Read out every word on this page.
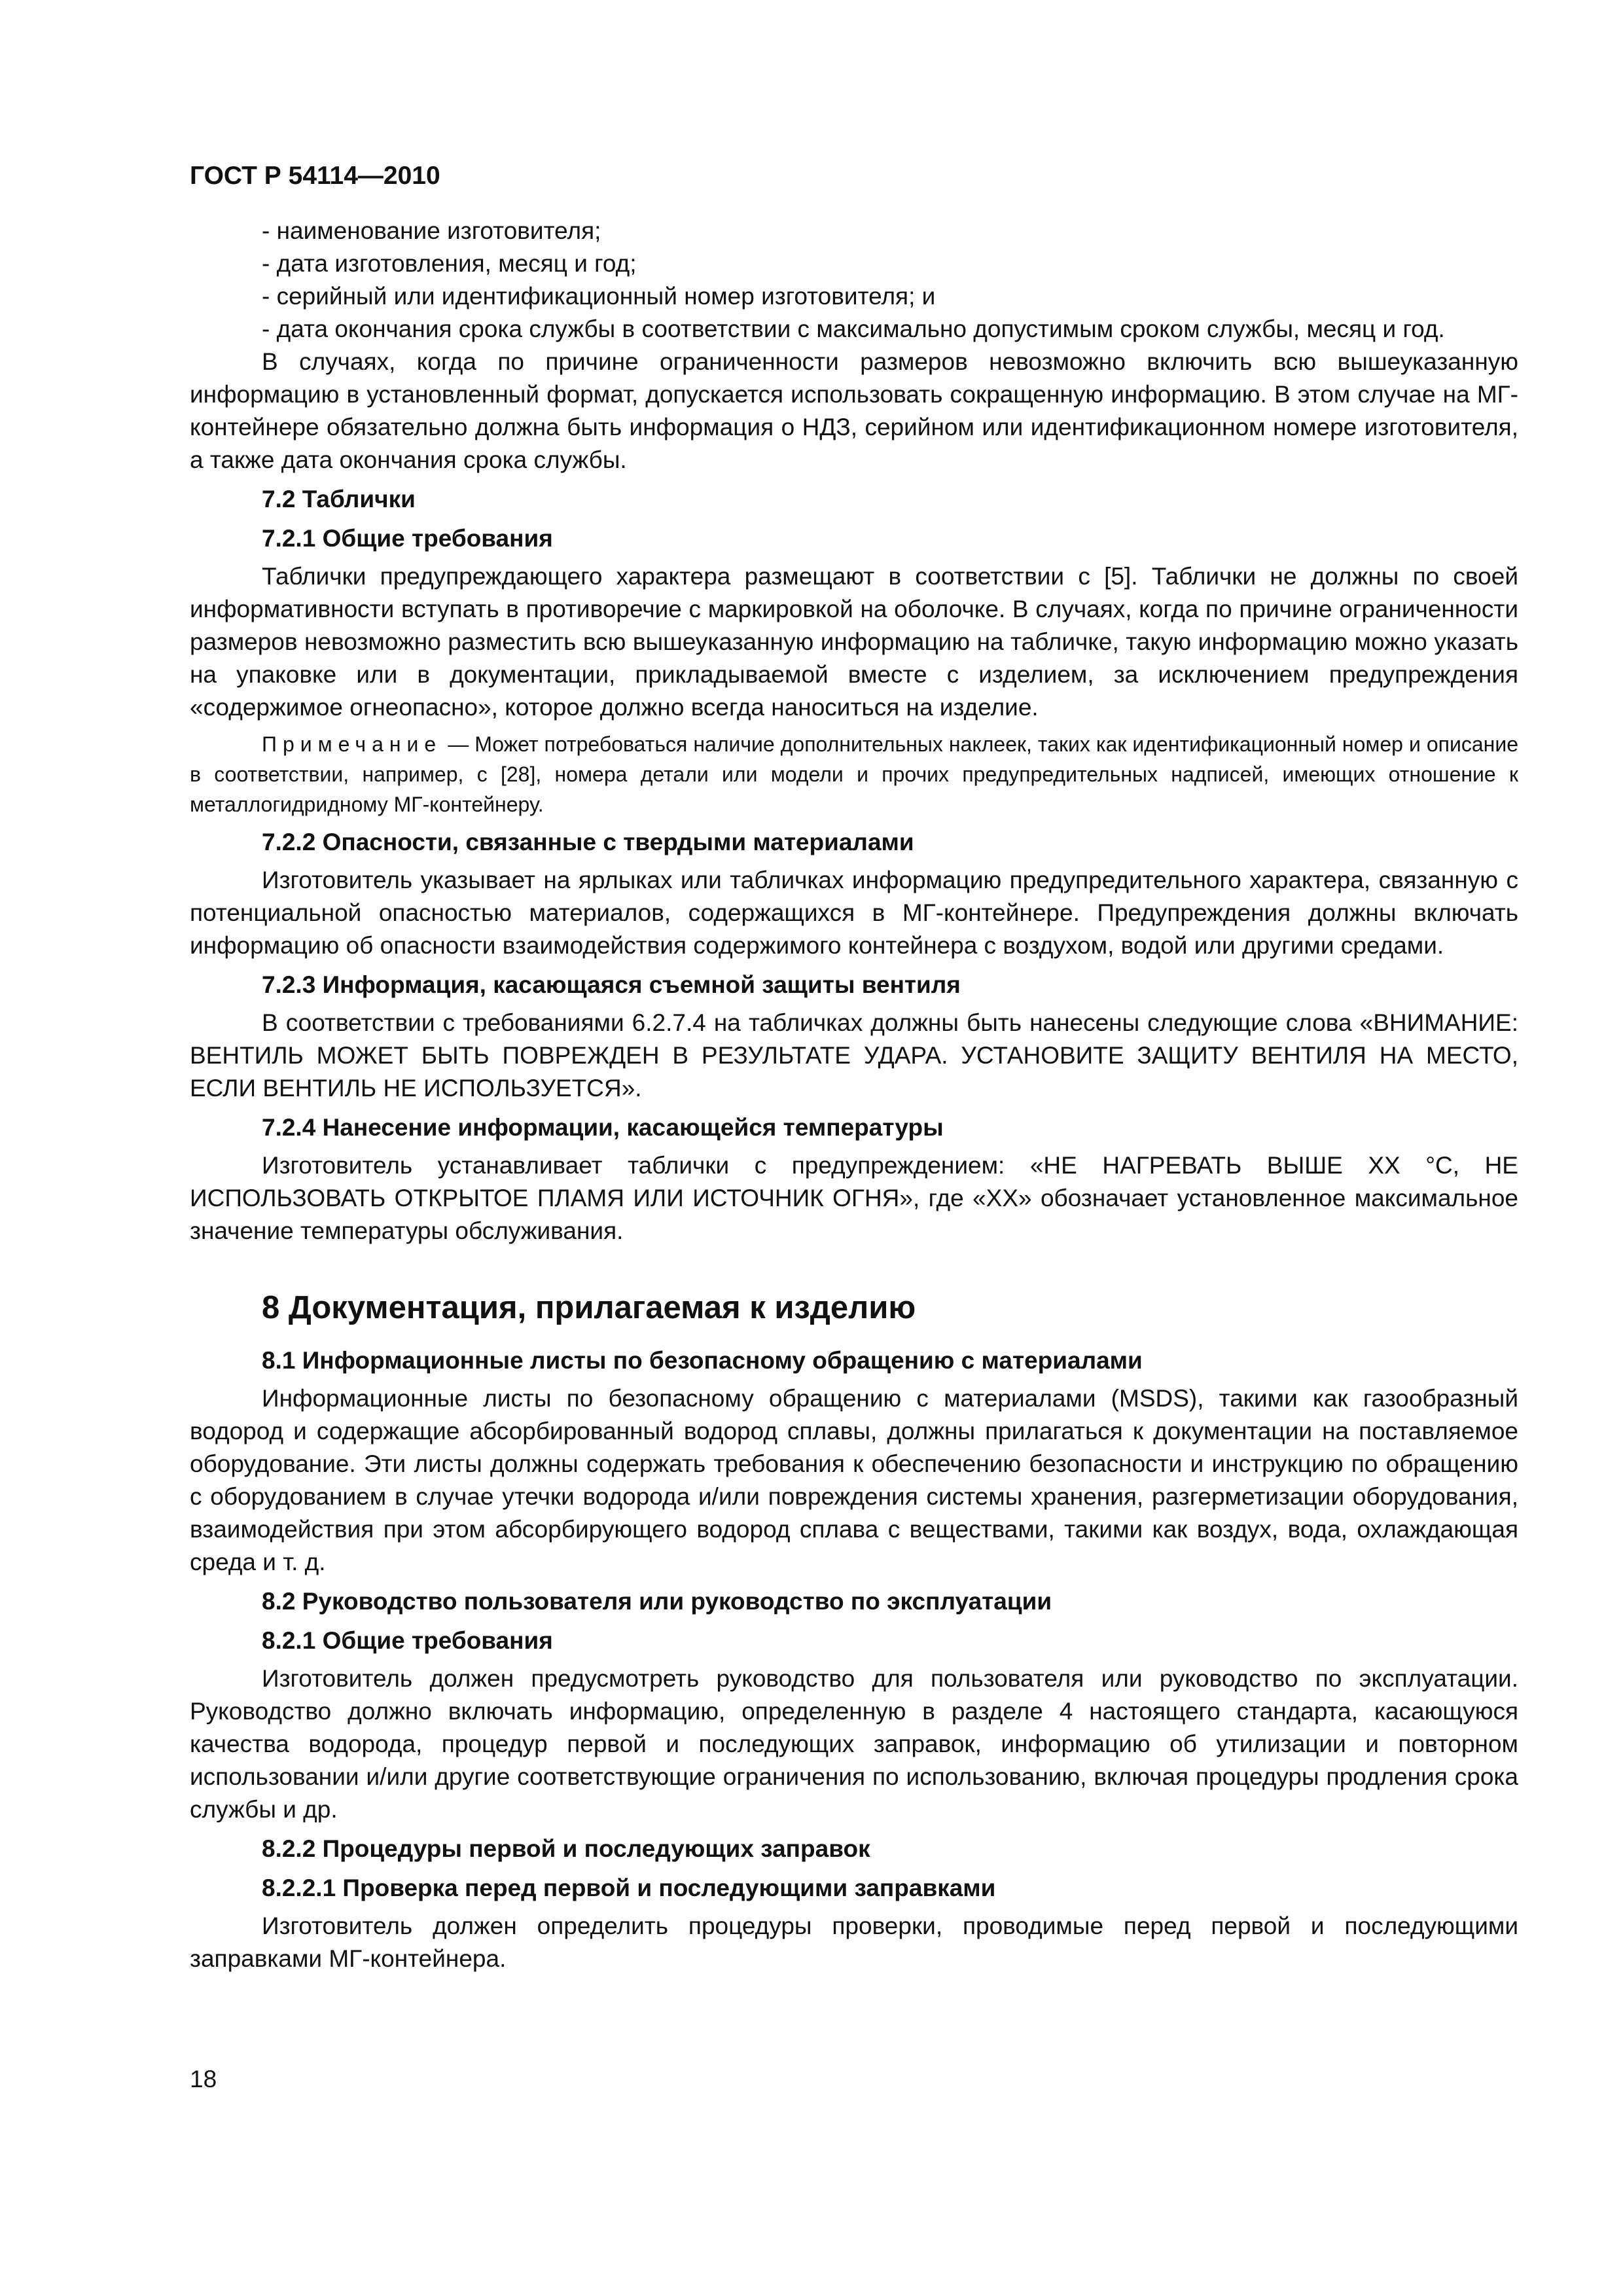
ГОСТ Р 54114—2010
- наименование изготовителя;
- дата изготовления, месяц и год;
- серийный или идентификационный номер изготовителя; и
- дата окончания срока службы в соответствии с максимально допустимым сроком службы, месяц и год.

В случаях, когда по причине ограниченности размеров невозможно включить всю вышеуказанную информацию в установленный формат, допускается использовать сокращенную информацию. В этом случае на МГ-контейнере обязательно должна быть информация о НДЗ, серийном или идентификационном номере изготовителя, а также дата окончания срока службы.

7.2 Таблички
7.2.1 Общие требования

Таблички предупреждающего характера размещают в соответствии с [5]. Таблички не должны по своей информативности вступать в противоречие с маркировкой на оболочке. В случаях, когда по причине ограниченности размеров невозможно разместить всю вышеуказанную информацию на табличке, такую информацию можно указать на упаковке или в документации, прикладываемой вместе с изделием, за исключением предупреждения «содержимое огнеопасно», которое должно всегда наноситься на изделие.

Примечание — Может потребоваться наличие дополнительных наклеек, таких как идентификационный номер и описание в соответствии, например, с [28], номера детали или модели и прочих предупредительных надписей, имеющих отношение к металлогидридному МГ-контейнеру.

7.2.2 Опасности, связанные с твердыми материалами

Изготовитель указывает на ярлыках или табличках информацию предупредительного характера, связанную с потенциальной опасностью материалов, содержащихся в МГ-контейнере. Предупреждения должны включать информацию об опасности взаимодействия содержимого контейнера с воздухом, водой или другими средами.

7.2.3 Информация, касающаяся съемной защиты вентиля

В соответствии с требованиями 6.2.7.4 на табличках должны быть нанесены следующие слова «ВНИМАНИЕ: ВЕНТИЛЬ МОЖЕТ БЫТЬ ПОВРЕЖДЕН В РЕЗУЛЬТАТЕ УДАРА. УСТАНОВИТЕ ЗАЩИТУ ВЕНТИЛЯ НА МЕСТО, ЕСЛИ ВЕНТИЛЬ НЕ ИСПОЛЬЗУЕТСЯ».

7.2.4 Нанесение информации, касающейся температуры

Изготовитель устанавливает таблички с предупреждением: «НЕ НАГРЕВАТЬ ВЫШЕ XX °C, НЕ ИСПОЛЬЗОВАТЬ ОТКРЫТОЕ ПЛАМЯ ИЛИ ИСТОЧНИК ОГНЯ», где «XX» обозначает установленное максимальное значение температуры обслуживания.

8 Документация, прилагаемая к изделию
8.1 Информационные листы по безопасному обращению с материалами

Информационные листы по безопасному обращению с материалами (MSDS), такими как газообразный водород и содержащие абсорбированный водород сплавы, должны прилагаться к документации на поставляемое оборудование. Эти листы должны содержать требования к обеспечению безопасности и инструкцию по обращению с оборудованием в случае утечки водорода и/или повреждения системы хранения, разгерметизации оборудования, взаимодействия при этом абсорбирующего водород сплава с веществами, такими как воздух, вода, охлаждающая среда и т. д.

8.2 Руководство пользователя или руководство по эксплуатации
8.2.1 Общие требования

Изготовитель должен предусмотреть руководство для пользователя или руководство по эксплуатации. Руководство должно включать информацию, определенную в разделе 4 настоящего стандарта, касающуюся качества водорода, процедур первой и последующих заправок, информацию об утилизации и повторном использовании и/или другие соответствующие ограничения по использованию, включая процедуры продления срока службы и др.

8.2.2 Процедуры первой и последующих заправок
8.2.2.1 Проверка перед первой и последующими заправками

Изготовитель должен определить процедуры проверки, проводимые перед первой и последующими заправками МГ-контейнера.

18
